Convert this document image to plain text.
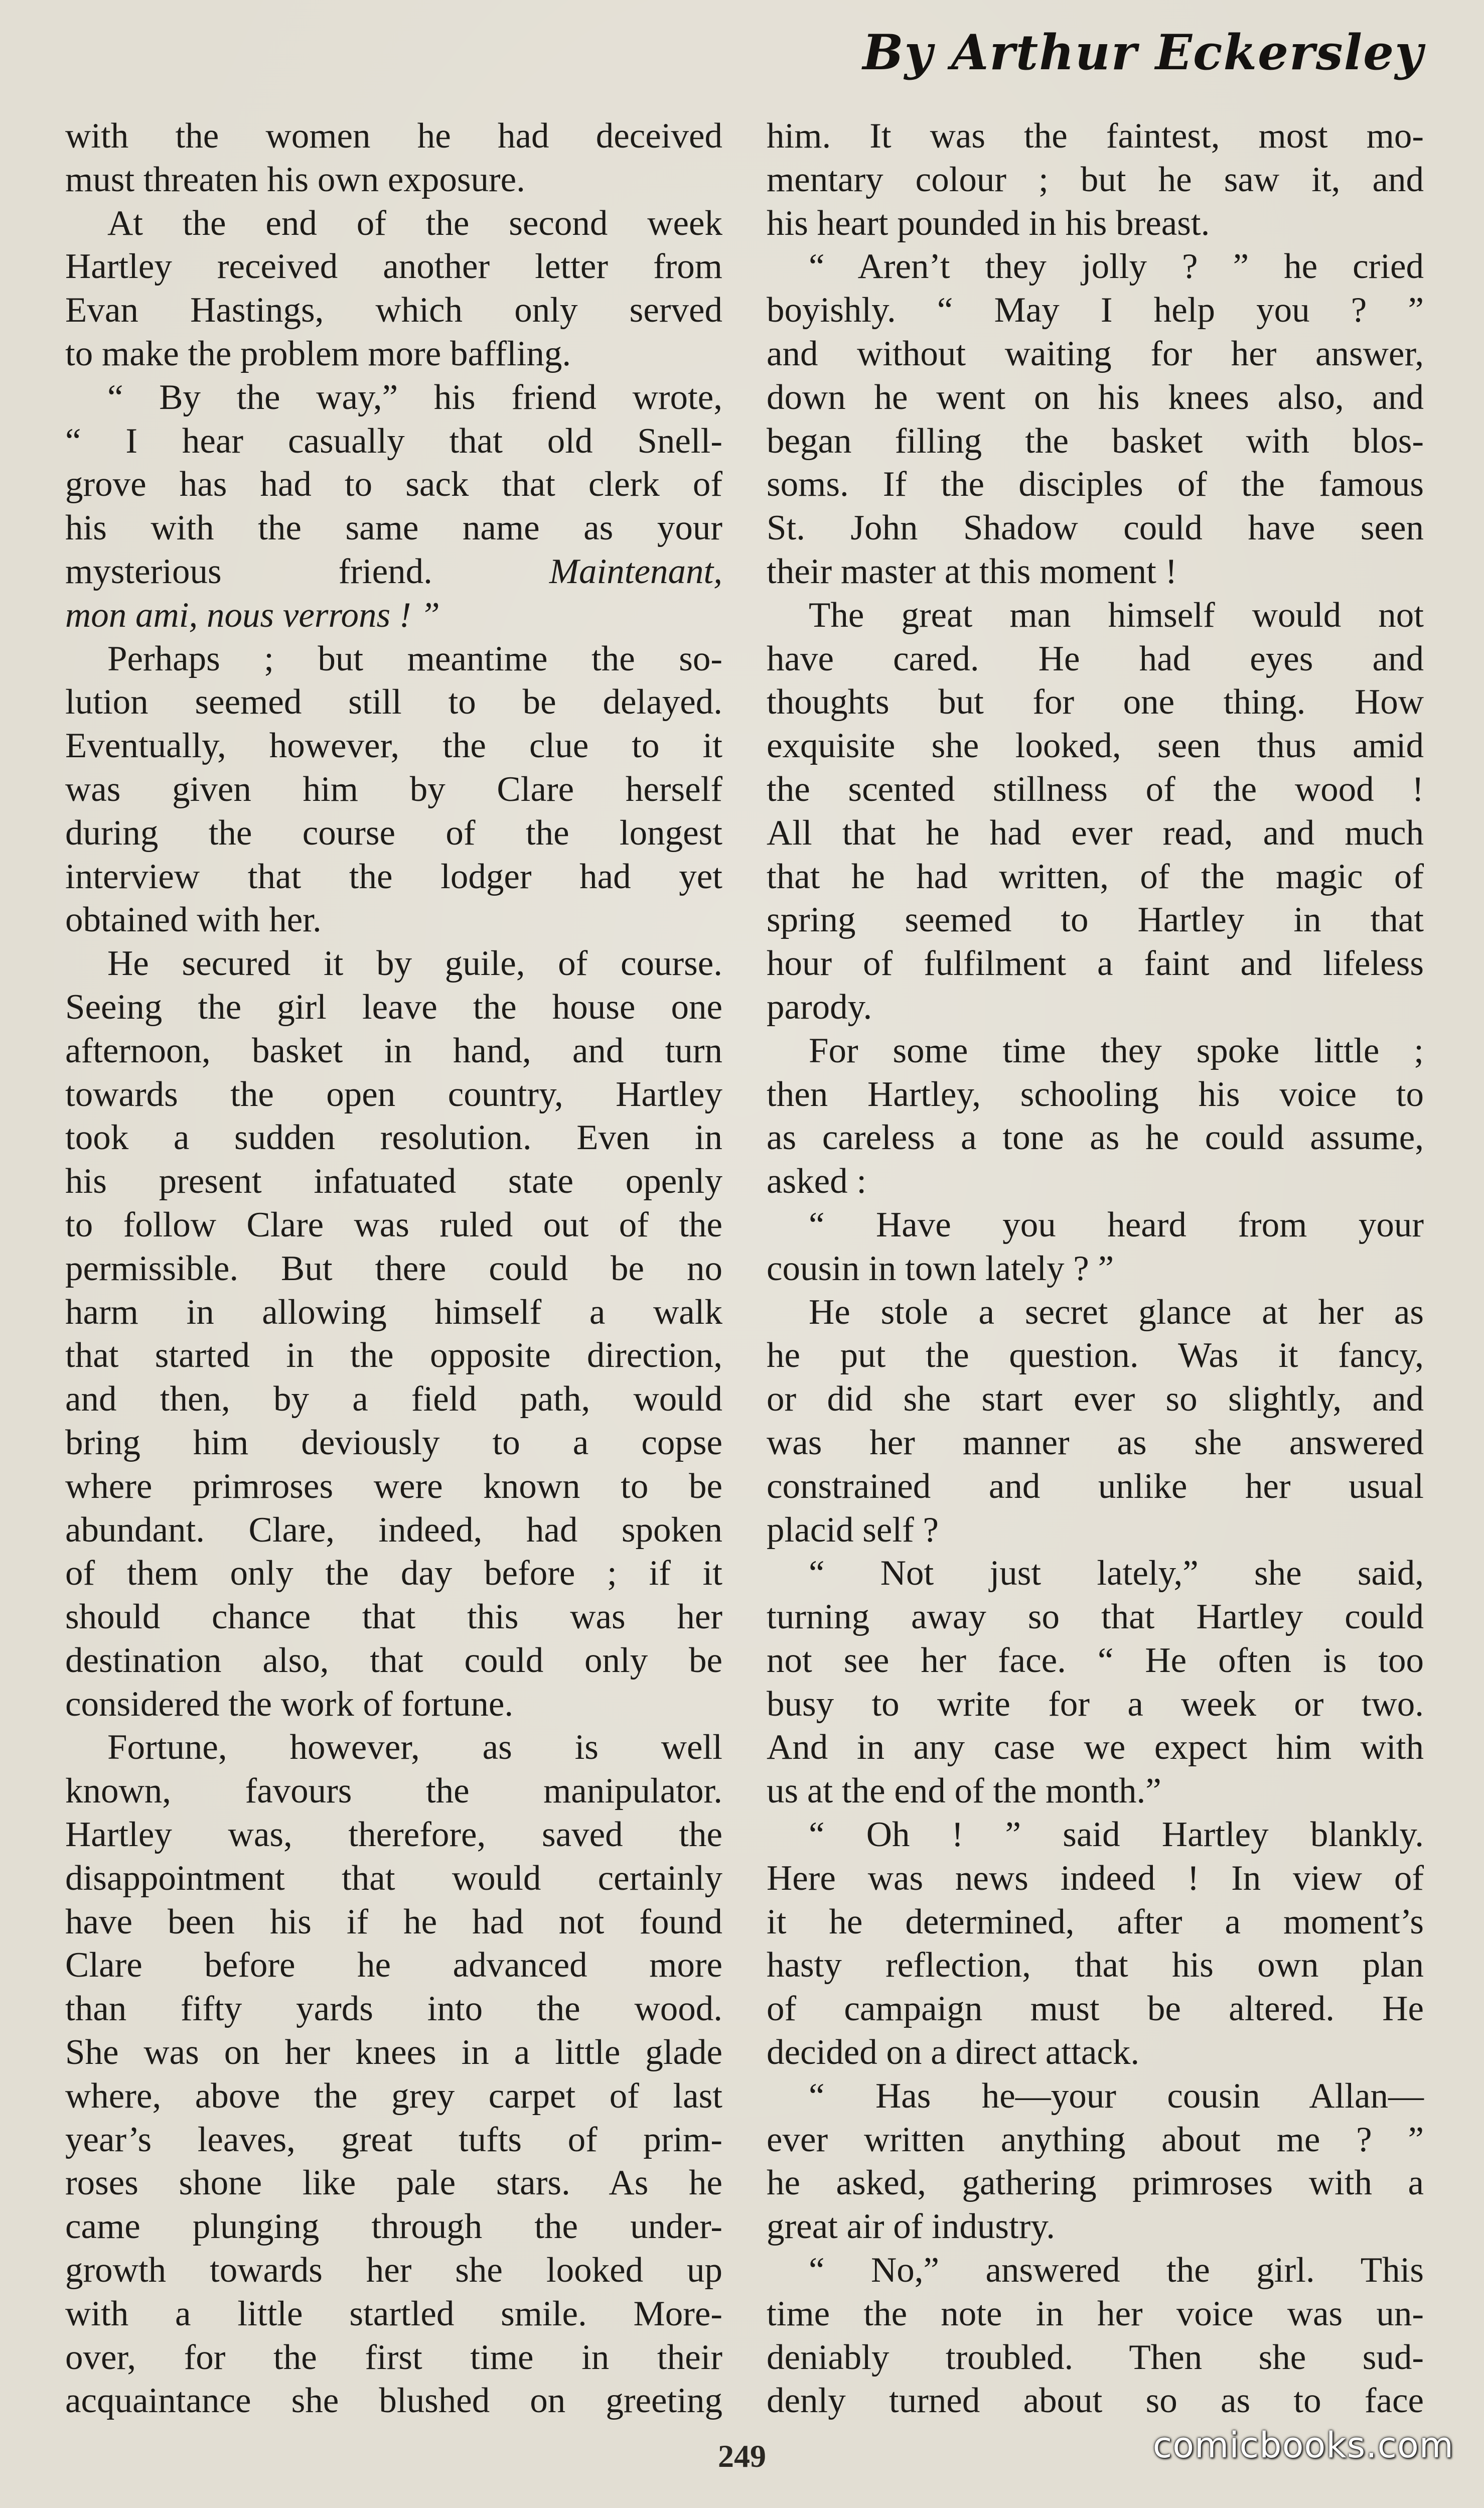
By Arthur Eckersley
with the women he had deceived
must threaten his own exposure.
At the end of the second week
Hartley received another letter from
Evan Hastings, which only served
to make the problem more baffling.
“ By the way,” his friend wrote,
“ I hear casually that old Snell-
grove has had to sack that clerk of
his with the same name as your
mysterious friend. Maintenant,
mon ami, nous verrons ! ”
Perhaps ; but meantime the so-
lution seemed still to be delayed.
Eventually, however, the clue to it
was given him by Clare herself
during the course of the longest
interview that the lodger had yet
obtained with her.
He secured it by guile, of course.
Seeing the girl leave the house one
afternoon, basket in hand, and turn
towards the open country, Hartley
took a sudden resolution. Even in
his present infatuated state openly
to follow Clare was ruled out of the
permissible. But there could be no
harm in allowing himself a walk
that started in the opposite direction,
and then, by a field path, would
bring him deviously to a copse
where primroses were known to be
abundant. Clare, indeed, had spoken
of them only the day before ; if it
should chance that this was her
destination also, that could only be
considered the work of fortune.
Fortune, however, as is well
known, favours the manipulator.
Hartley was, therefore, saved the
disappointment that would certainly
have been his if he had not found
Clare before he advanced more
than fifty yards into the wood.
She was on her knees in a little glade
where, above the grey carpet of last
year’s leaves, great tufts of prim-
roses shone like pale stars. As he
came plunging through the under-
growth towards her she looked up
with a little startled smile. More-
over, for the first time in their
acquaintance she blushed on greeting
him. It was the faintest, most mo-
mentary colour ; but he saw it, and
his heart pounded in his breast.
“ Aren’t they jolly ? ” he cried
boyishly. “ May I help you ? ”
and without waiting for her answer,
down he went on his knees also, and
began filling the basket with blos-
soms. If the disciples of the famous
St. John Shadow could have seen
their master at this moment !
The great man himself would not
have cared. He had eyes and
thoughts but for one thing. How
exquisite she looked, seen thus amid
the scented stillness of the wood !
All that he had ever read, and much
that he had written, of the magic of
spring seemed to Hartley in that
hour of fulfilment a faint and lifeless
parody.
For some time they spoke little ;
then Hartley, schooling his voice to
as careless a tone as he could assume,
asked :
“ Have you heard from your
cousin in town lately ? ”
He stole a secret glance at her as
he put the question. Was it fancy,
or did she start ever so slightly, and
was her manner as she answered
constrained and unlike her usual
placid self ?
“ Not just lately,” she said,
turning away so that Hartley could
not see her face. “ He often is too
busy to write for a week or two.
And in any case we expect him with
us at the end of the month.”
“ Oh ! ” said Hartley blankly.
Here was news indeed ! In view of
it he determined, after a moment’s
hasty reflection, that his own plan
of campaign must be altered. He
decided on a direct attack.
“ Has he—your cousin Allan—
ever written anything about me ? ”
he asked, gathering primroses with a
great air of industry.
“ No,” answered the girl. This
time the note in her voice was un-
deniably troubled. Then she sud-
denly turned about so as to face
249	comicbooks.com
